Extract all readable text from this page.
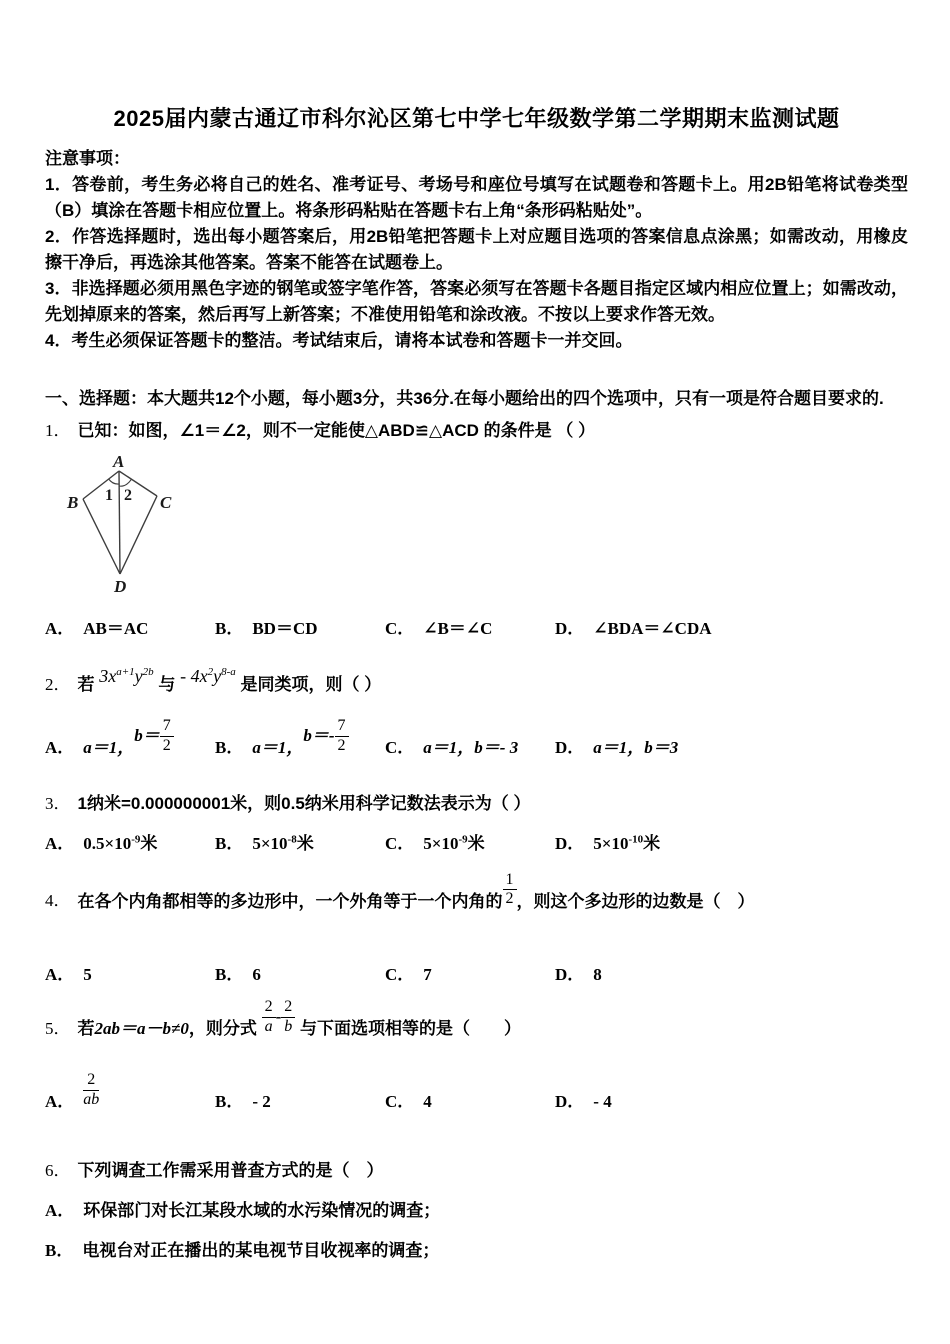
2025届内蒙古通辽市科尔沁区第七中学七年级数学第二学期期末监测试题

注意事项：

1．答卷前，考生务必将自己的姓名、准考证号、考场号和座位号填写在试题卷和答题卡上。用2B铅笔将试卷类型（B）填涂在答题卡相应位置上。将条形码粘贴在答题卡右上角“条形码粘贴处”。

2．作答选择题时，选出每小题答案后，用2B铅笔把答题卡上对应题目选项的答案信息点涂黑；如需改动，用橡皮擦干净后，再选涂其他答案。答案不能答在试题卷上。

3．非选择题必须用黑色字迹的钢笔或签字笔作答，答案必须写在答题卡各题目指定区域内相应位置上；如需改动，先划掉原来的答案，然后再写上新答案；不准使用铅笔和涂改液。不按以上要求作答无效。

4．考生必须保证答题卡的整洁。考试结束后，请将本试卷和答题卡一并交回。

一、选择题：本大题共12个小题，每小题3分，共36分.在每小题给出的四个选项中，只有一项是符合题目要求的.
1． 已知：如图，∠1＝∠2，则不一定能使△ABD≌△ACD 的条件是 （ ）
A
B	C
D
1 2
A． AB＝AC	B． BD＝CD	C． ∠B＝∠C	D． ∠BDA＝∠CDA
2． 若 $3x^{a+1}y^{2b}$ 与 - $4x^2y^{8-a}$ 是同类项，则（ ）
A． a＝1，$b= \frac{7}{2}$ B． a＝1，$b=- \frac{7}{2}$ C． a＝1，b＝- 3	D． a＝1，b＝3
3． 1纳米=0.000000001米，则0.5纳米用科学记数法表示为（ ）
A． $0.5\times 10^{-9}$米	B． $5\times 10^{-8}$米	C． $5\times 10^{-9}$米	D． $5\times 10^{-10}$米
4． 在各个内角都相等的多边形中，一个外角等于一个内角的 $\frac{1}{2}$ ，则这个多边形的边数是（　）
A． 5	B． 6	C． 7	D． 8
5． 若2ab＝a－b≠0，则分式 $\frac{2}{a} - \frac{2}{b}$ 与下面选项相等的是（　　）
A． $\frac{2}{ab}$	B． - 2	C． 4	D． - 4
6． 下列调查工作需采用普查方式的是（　）
A． 环保部门对长江某段水域的水污染情况的调查；
B． 电视台对正在播出的某电视节目收视率的调查；
